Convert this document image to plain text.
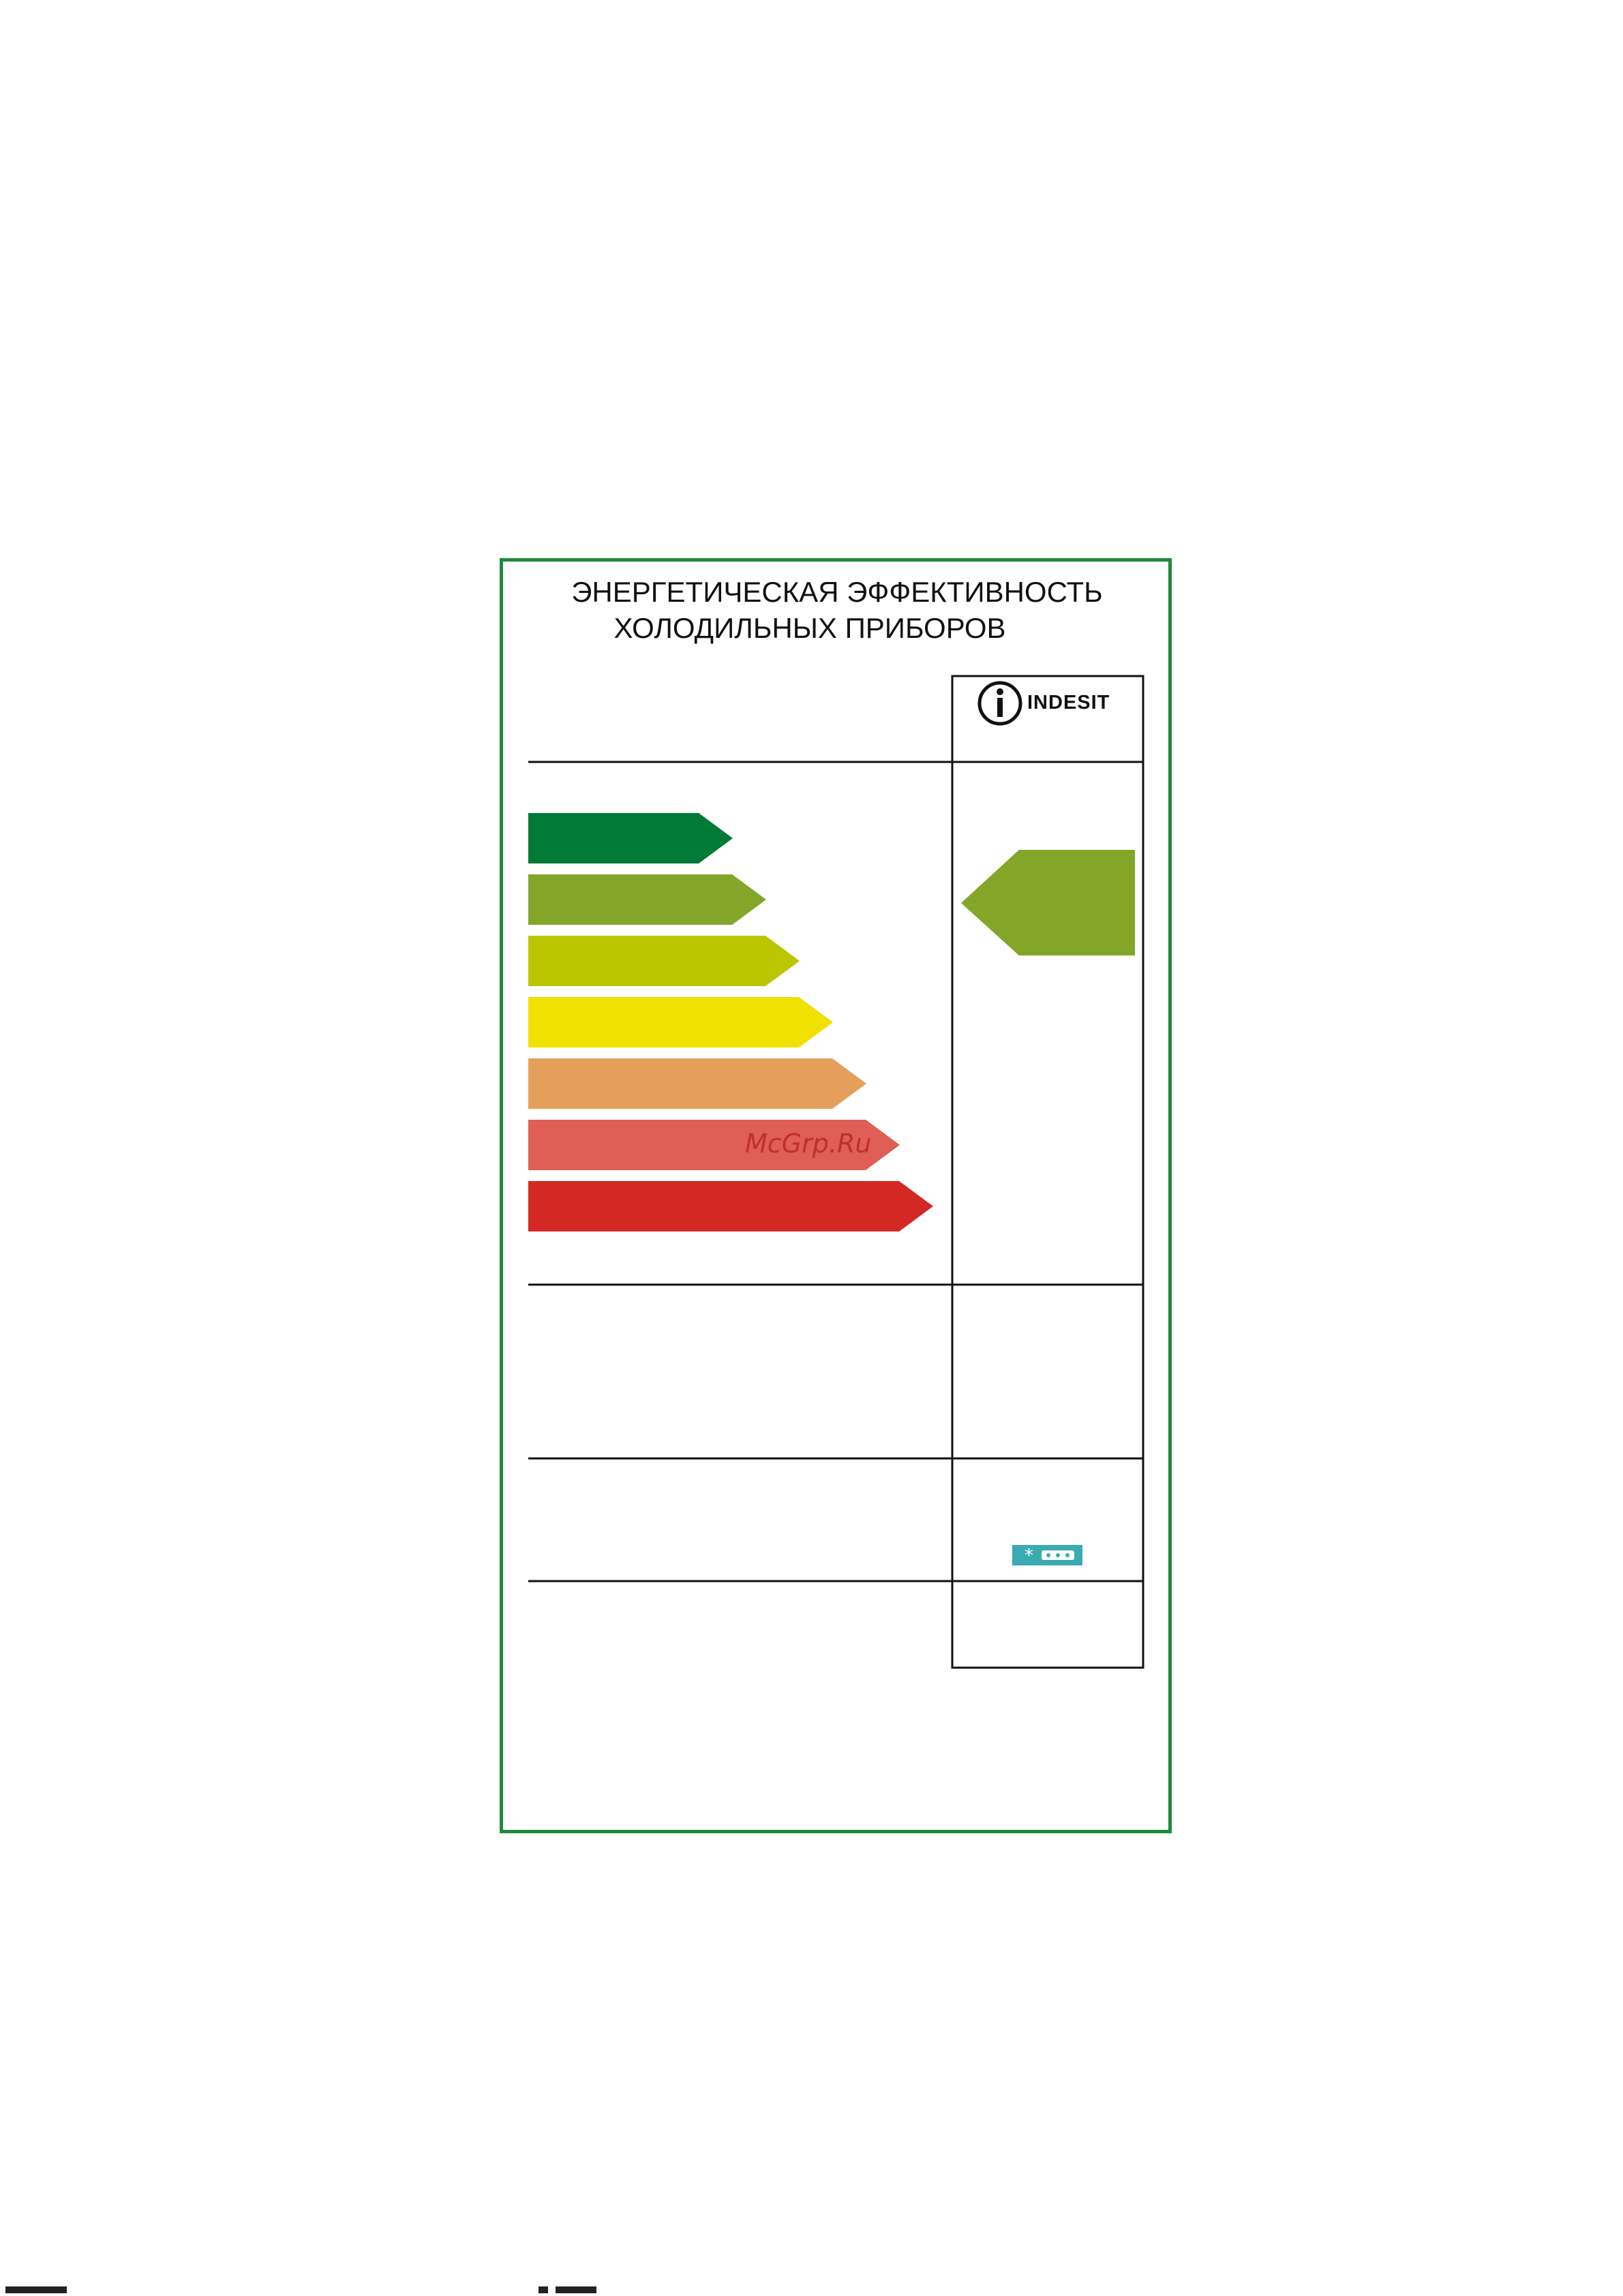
ЭНЕРГЕТИЧЕСКАЯ ЭФФЕКТИВНОСТЬ
ХОЛОДИЛЬНЫХ ПРИБОРОВ
*
INDESIT
McGrp.Ru
